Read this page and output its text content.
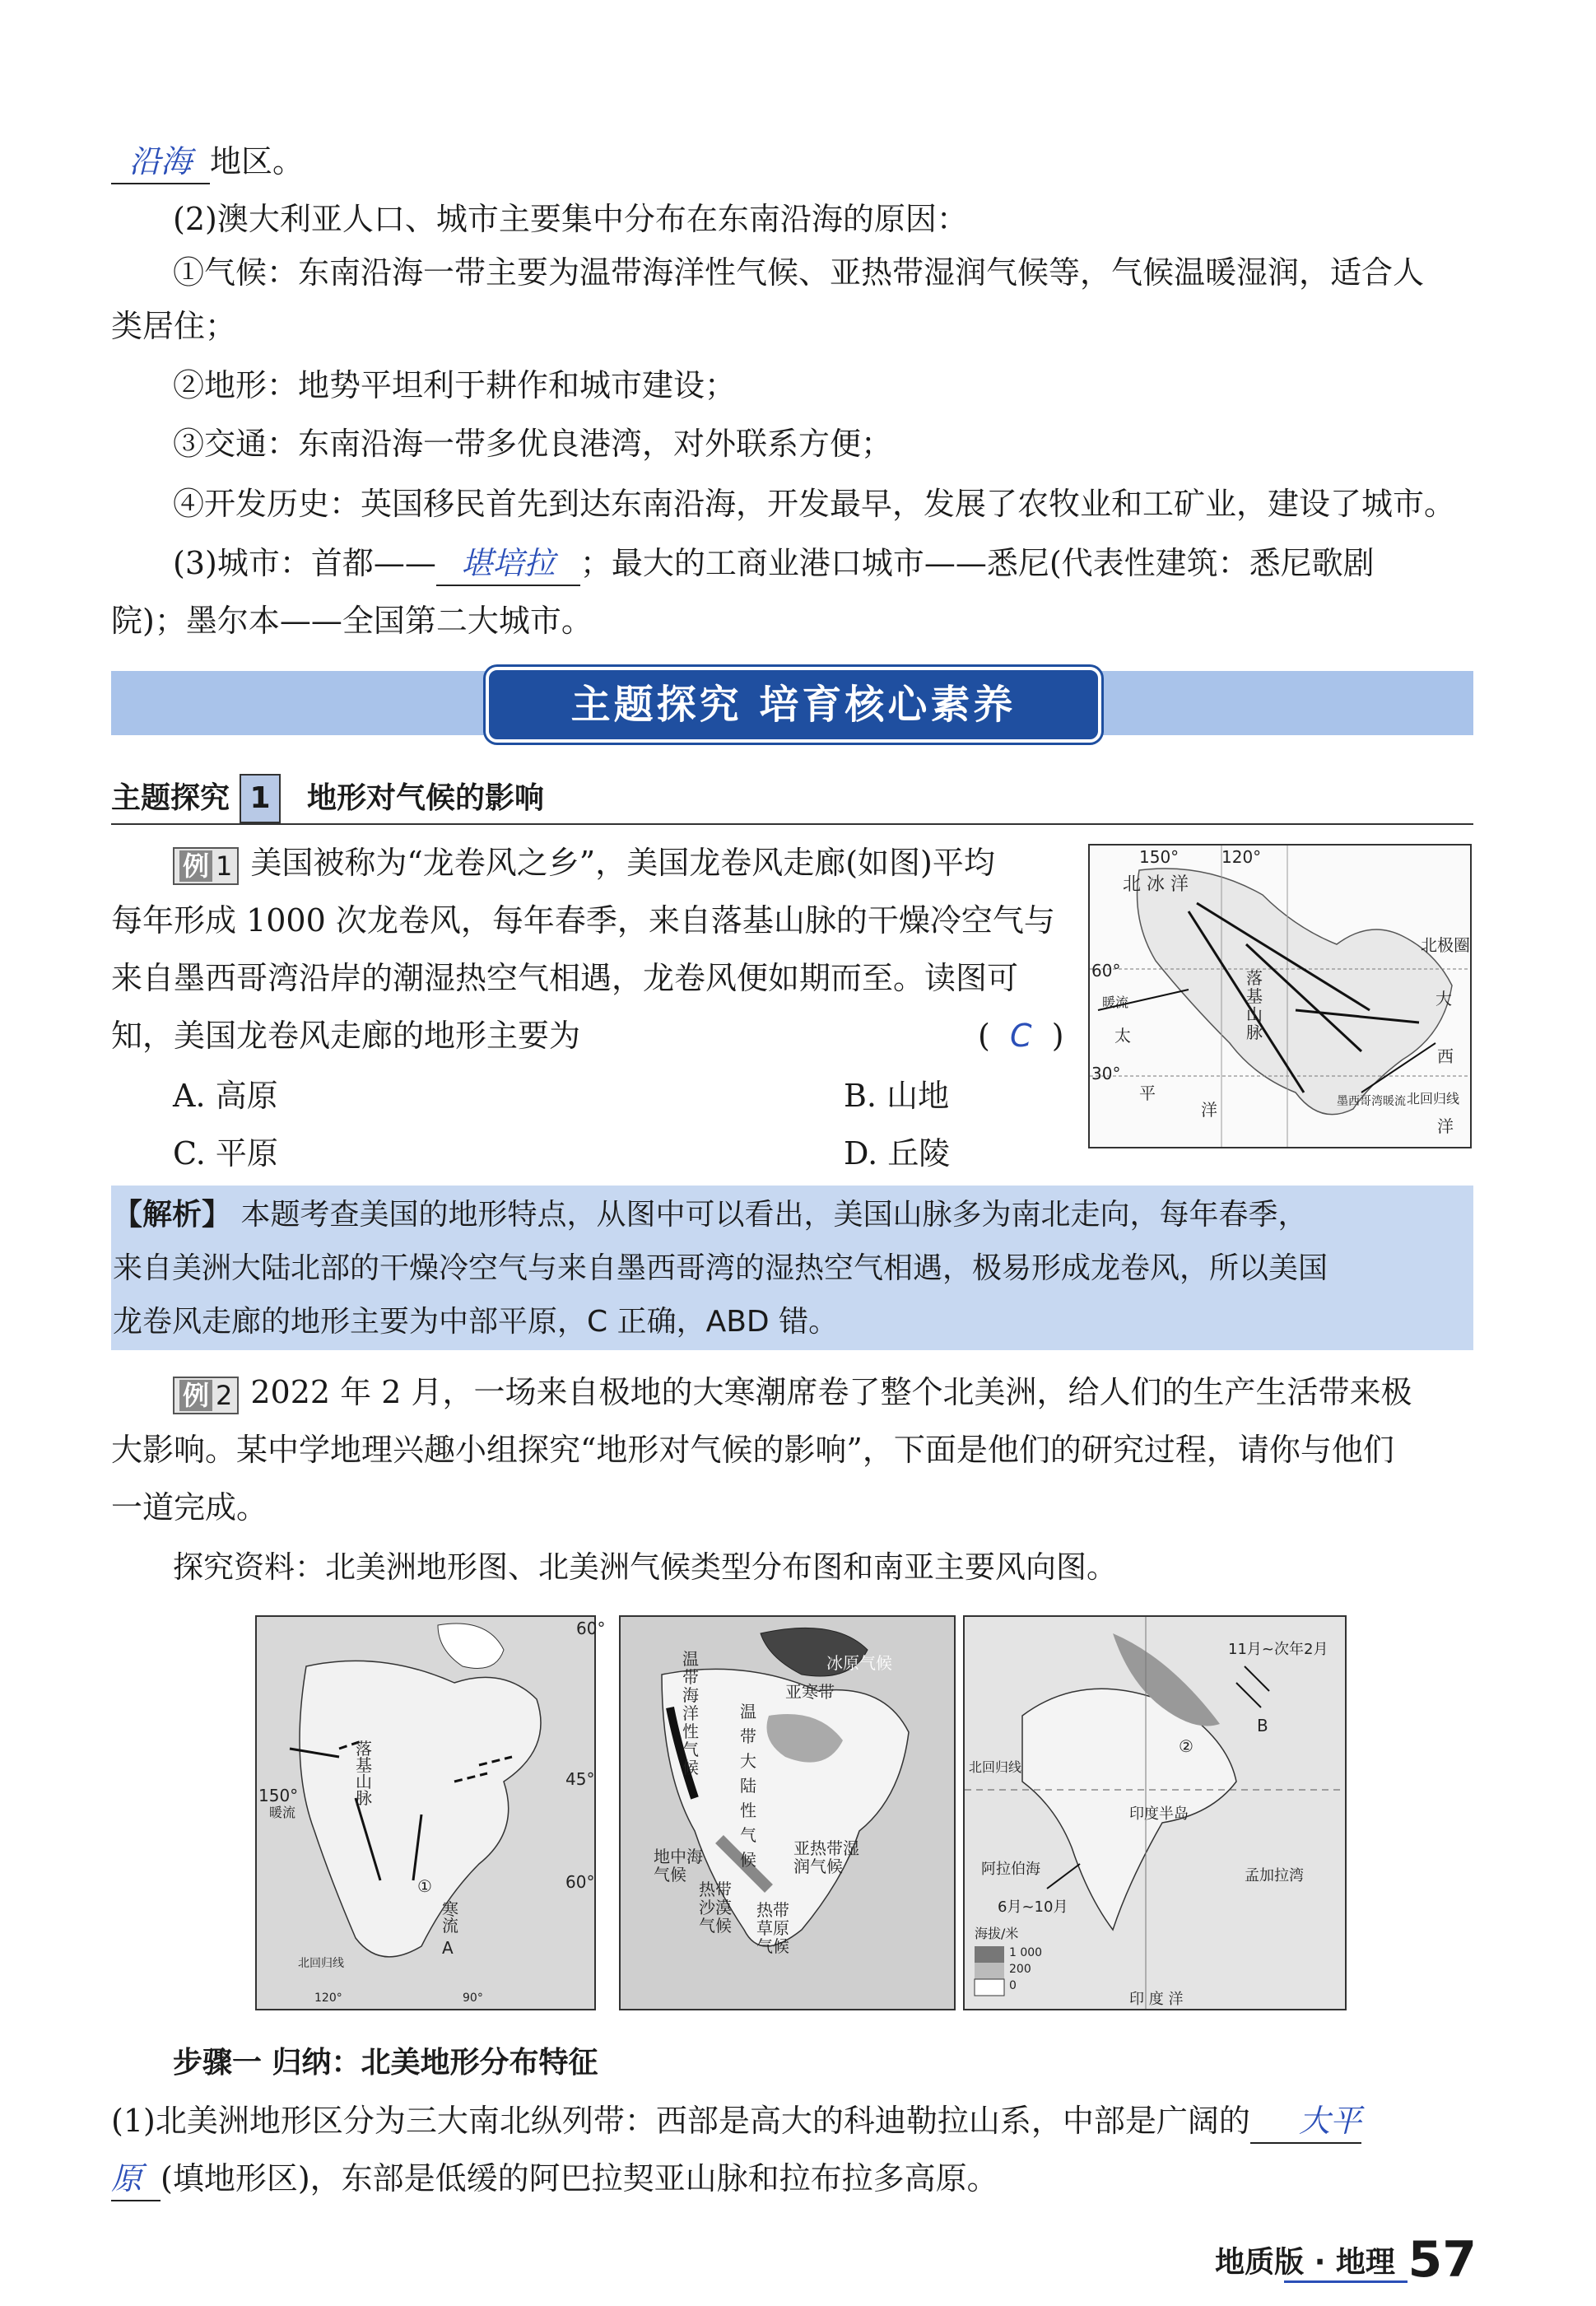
沿海 地区。
(2)澳大利亚人口、城市主要集中分布在东南沿海的原因：
①气候：东南沿海一带主要为温带海洋性气候、亚热带湿润气候等，气候温暖湿润，适合人
类居住；
②地形：地势平坦利于耕作和城市建设；
③交通：东南沿海一带多优良港湾，对外联系方便；
④开发历史：英国移民首先到达东南沿海，开发最早，发展了农牧业和工矿业，建设了城市。
(3)城市：首都—— 堪培拉 ；最大的工商业港口城市——悉尼(代表性建筑：悉尼歌剧
院)；墨尔本——全国第二大城市。
主题探究 培育核心素养
主题探究 1 地形对气候的影响
例 1 美国被称为“龙卷风之乡”，美国龙卷风走廊(如图)平均
每年形成 1000 次龙卷风，每年春季，来自落基山脉的干燥冷空气与
来自墨西哥湾沿岸的潮湿热空气相遇，龙卷风便如期而至。读图可
知，美国龙卷风走廊的地形主要为	(  C  )
A. 高原	B. 山地
C. 平原	D. 丘陵
150°	120°
北 冰 洋
北极圈
60°
暖流
落基山脉
太
30°
平
洋
大
西
洋
北回归线
墨西哥湾暖流
【解析】 本题考查美国的地形特点，从图中可以看出，美国山脉多为南北走向，每年春季，
来自美洲大陆北部的干燥冷空气与来自墨西哥湾的湿热空气相遇，极易形成龙卷风，所以美国
龙卷风走廊的地形主要为中部平原，C 正确，ABD 错。
例 2 2022 年 2 月，一场来自极地的大寒潮席卷了整个北美洲，给人们的生产生活带来极
大影响。某中学地理兴趣小组探究“地形对气候的影响”，下面是他们的研究过程，请你与他们
一道完成。
探究资料：北美洲地形图、北美洲气候类型分布图和南亚主要风向图。
60°
45°
150°
暖流
60°
落基山脉
①
寒流
A
北回归线
120°	90°
温带海洋性气候
温带大陆性气候
亚寒带
冰原气候
亚热带湿润气候
地中海气候
热带沙漠气候
热带草原气候
11月~次年2月
B
②
北回归线
印度半岛
阿拉伯海
6月~10月
孟加拉湾
海拔/米
1 000
200
0
印 度 洋
步骤一 归纳：北美地形分布特征
(1)北美洲地形区分为三大南北纵列带：西部是高大的科迪勒拉山系，中部是广阔的 大平
原 (填地形区)，东部是低缓的阿巴拉契亚山脉和拉布拉多高原。
地质版 · 地理 57
